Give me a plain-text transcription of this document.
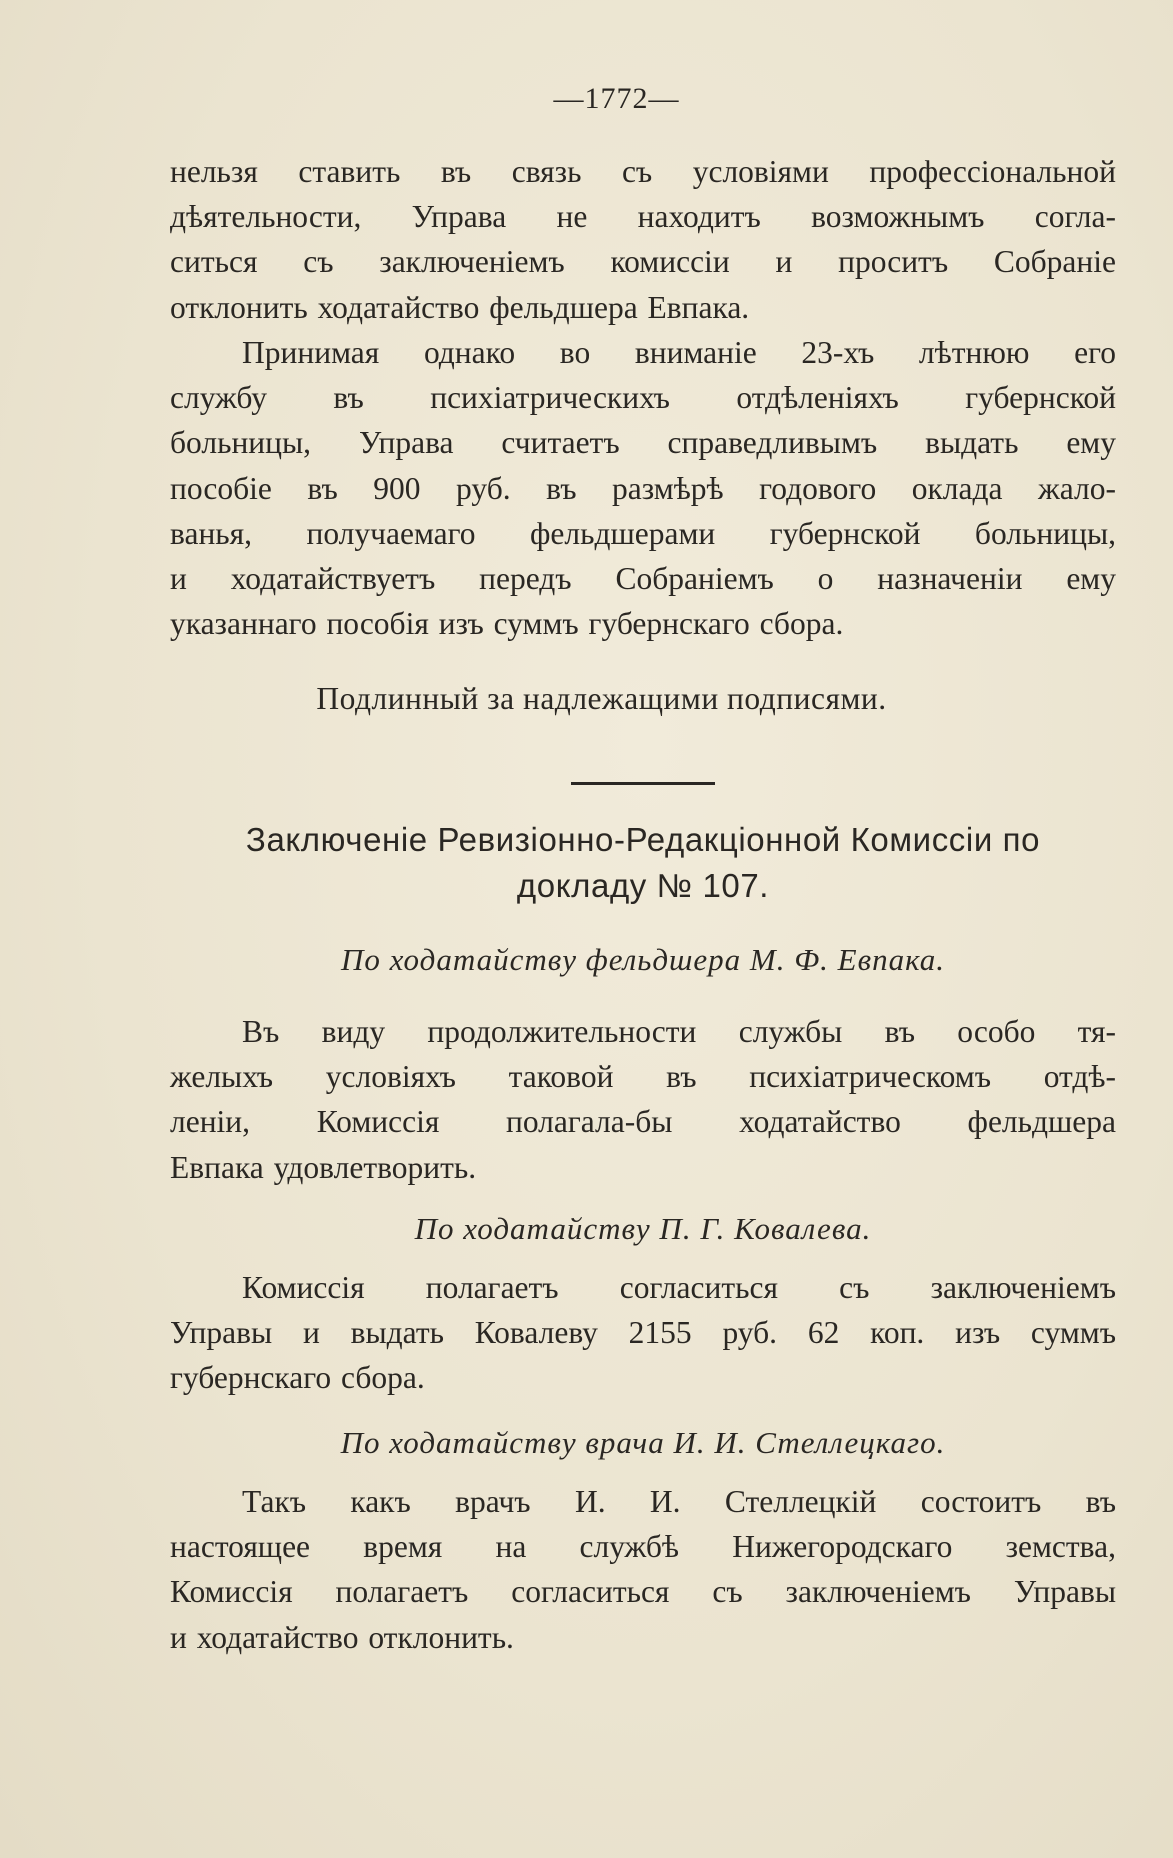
—1772—
нельзя ставить въ связь съ условіями профессіональной
дѣятельности, Управа не находитъ возможнымъ согла-
ситься съ заключеніемъ комиссіи и проситъ Собраніе
отклонить ходатайство фельдшера Евпака.
Принимая однако во вниманіе 23-хъ лѣтнюю его
службу въ психіатрическихъ отдѣленіяхъ губернской
больницы, Управа считаетъ справедливымъ выдать ему
пособіе въ 900 руб. въ размѣрѣ годового оклада жало-
ванья, получаемаго фельдшерами губернской больницы,
и ходатайствуетъ передъ Собраніемъ о назначеніи ему
указаннаго пособія изъ суммъ губернскаго сбора.
Подлинный за надлежащими подписями.
Заключеніе Ревизіонно-Редакціонной Комиссіи по
докладу № 107.
По ходатайству фельдшера М. Ф. Евпака.
Въ виду продолжительности службы въ особо тя-
желыхъ условіяхъ таковой въ психіатрическомъ отдѣ-
леніи, Комиссія полагала-бы ходатайство фельдшера
Евпака удовлетворить.
По ходатайству П. Г. Ковалева.
Комиссія полагаетъ согласиться съ заключеніемъ
Управы и выдать Ковалеву 2155 руб. 62 коп. изъ суммъ
губернскаго сбора.
По ходатайству врача И. И. Стеллецкаго.
Такъ какъ врачъ И. И. Стеллецкій состоитъ въ
настоящее время на службѣ Нижегородскаго земства,
Комиссія полагаетъ согласиться съ заключеніемъ Управы
и ходатайство отклонить.
